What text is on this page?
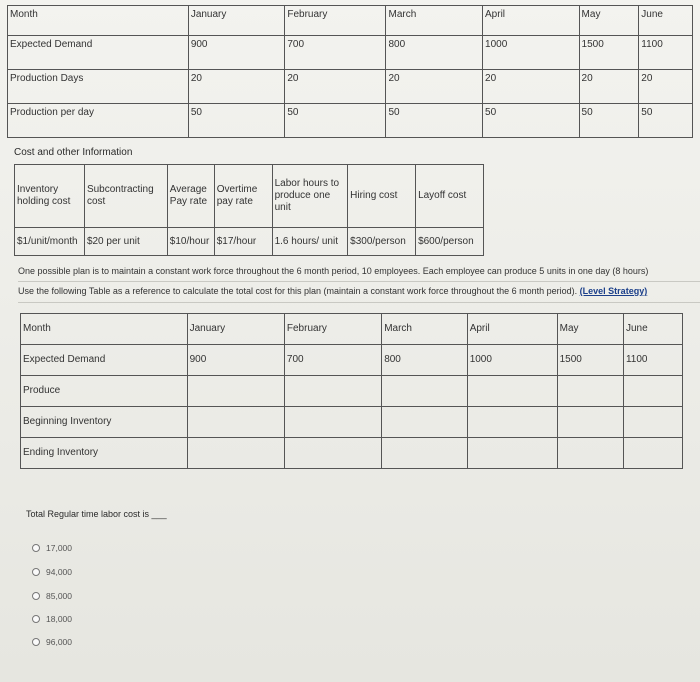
Month	January	February	March	April	May	June
Expected Demand	900	700	800	1000	1500	1100
Production Days	20	20	20	20	20	20
Production per day	50	50	50	50	50	50
Cost and other Information
Inventory holding cost	Subcontracting cost	Average Pay rate	Overtime pay rate	Labor hours to produce one unit	Hiring cost	Layoff cost
$1/unit/month	$20 per unit	$10/hour	$17/hour	1.6 hours/ unit	$300/person	$600/person
One possible plan is to maintain a constant work force throughout the 6 month period, 10 employees. Each employee can produce 5 units in one day (8 hours)
Use the following Table as a reference to calculate the total cost for this plan (maintain a constant work force throughout the 6 month period). (Level Strategy)
Month	January	February	March	April	May	June
Expected Demand	900	700	800	1000	1500	1100
Produce						
Beginning Inventory						
Ending Inventory						
Total Regular time labor cost is ___
17,000
94,000
85,000
18,000
96,000
